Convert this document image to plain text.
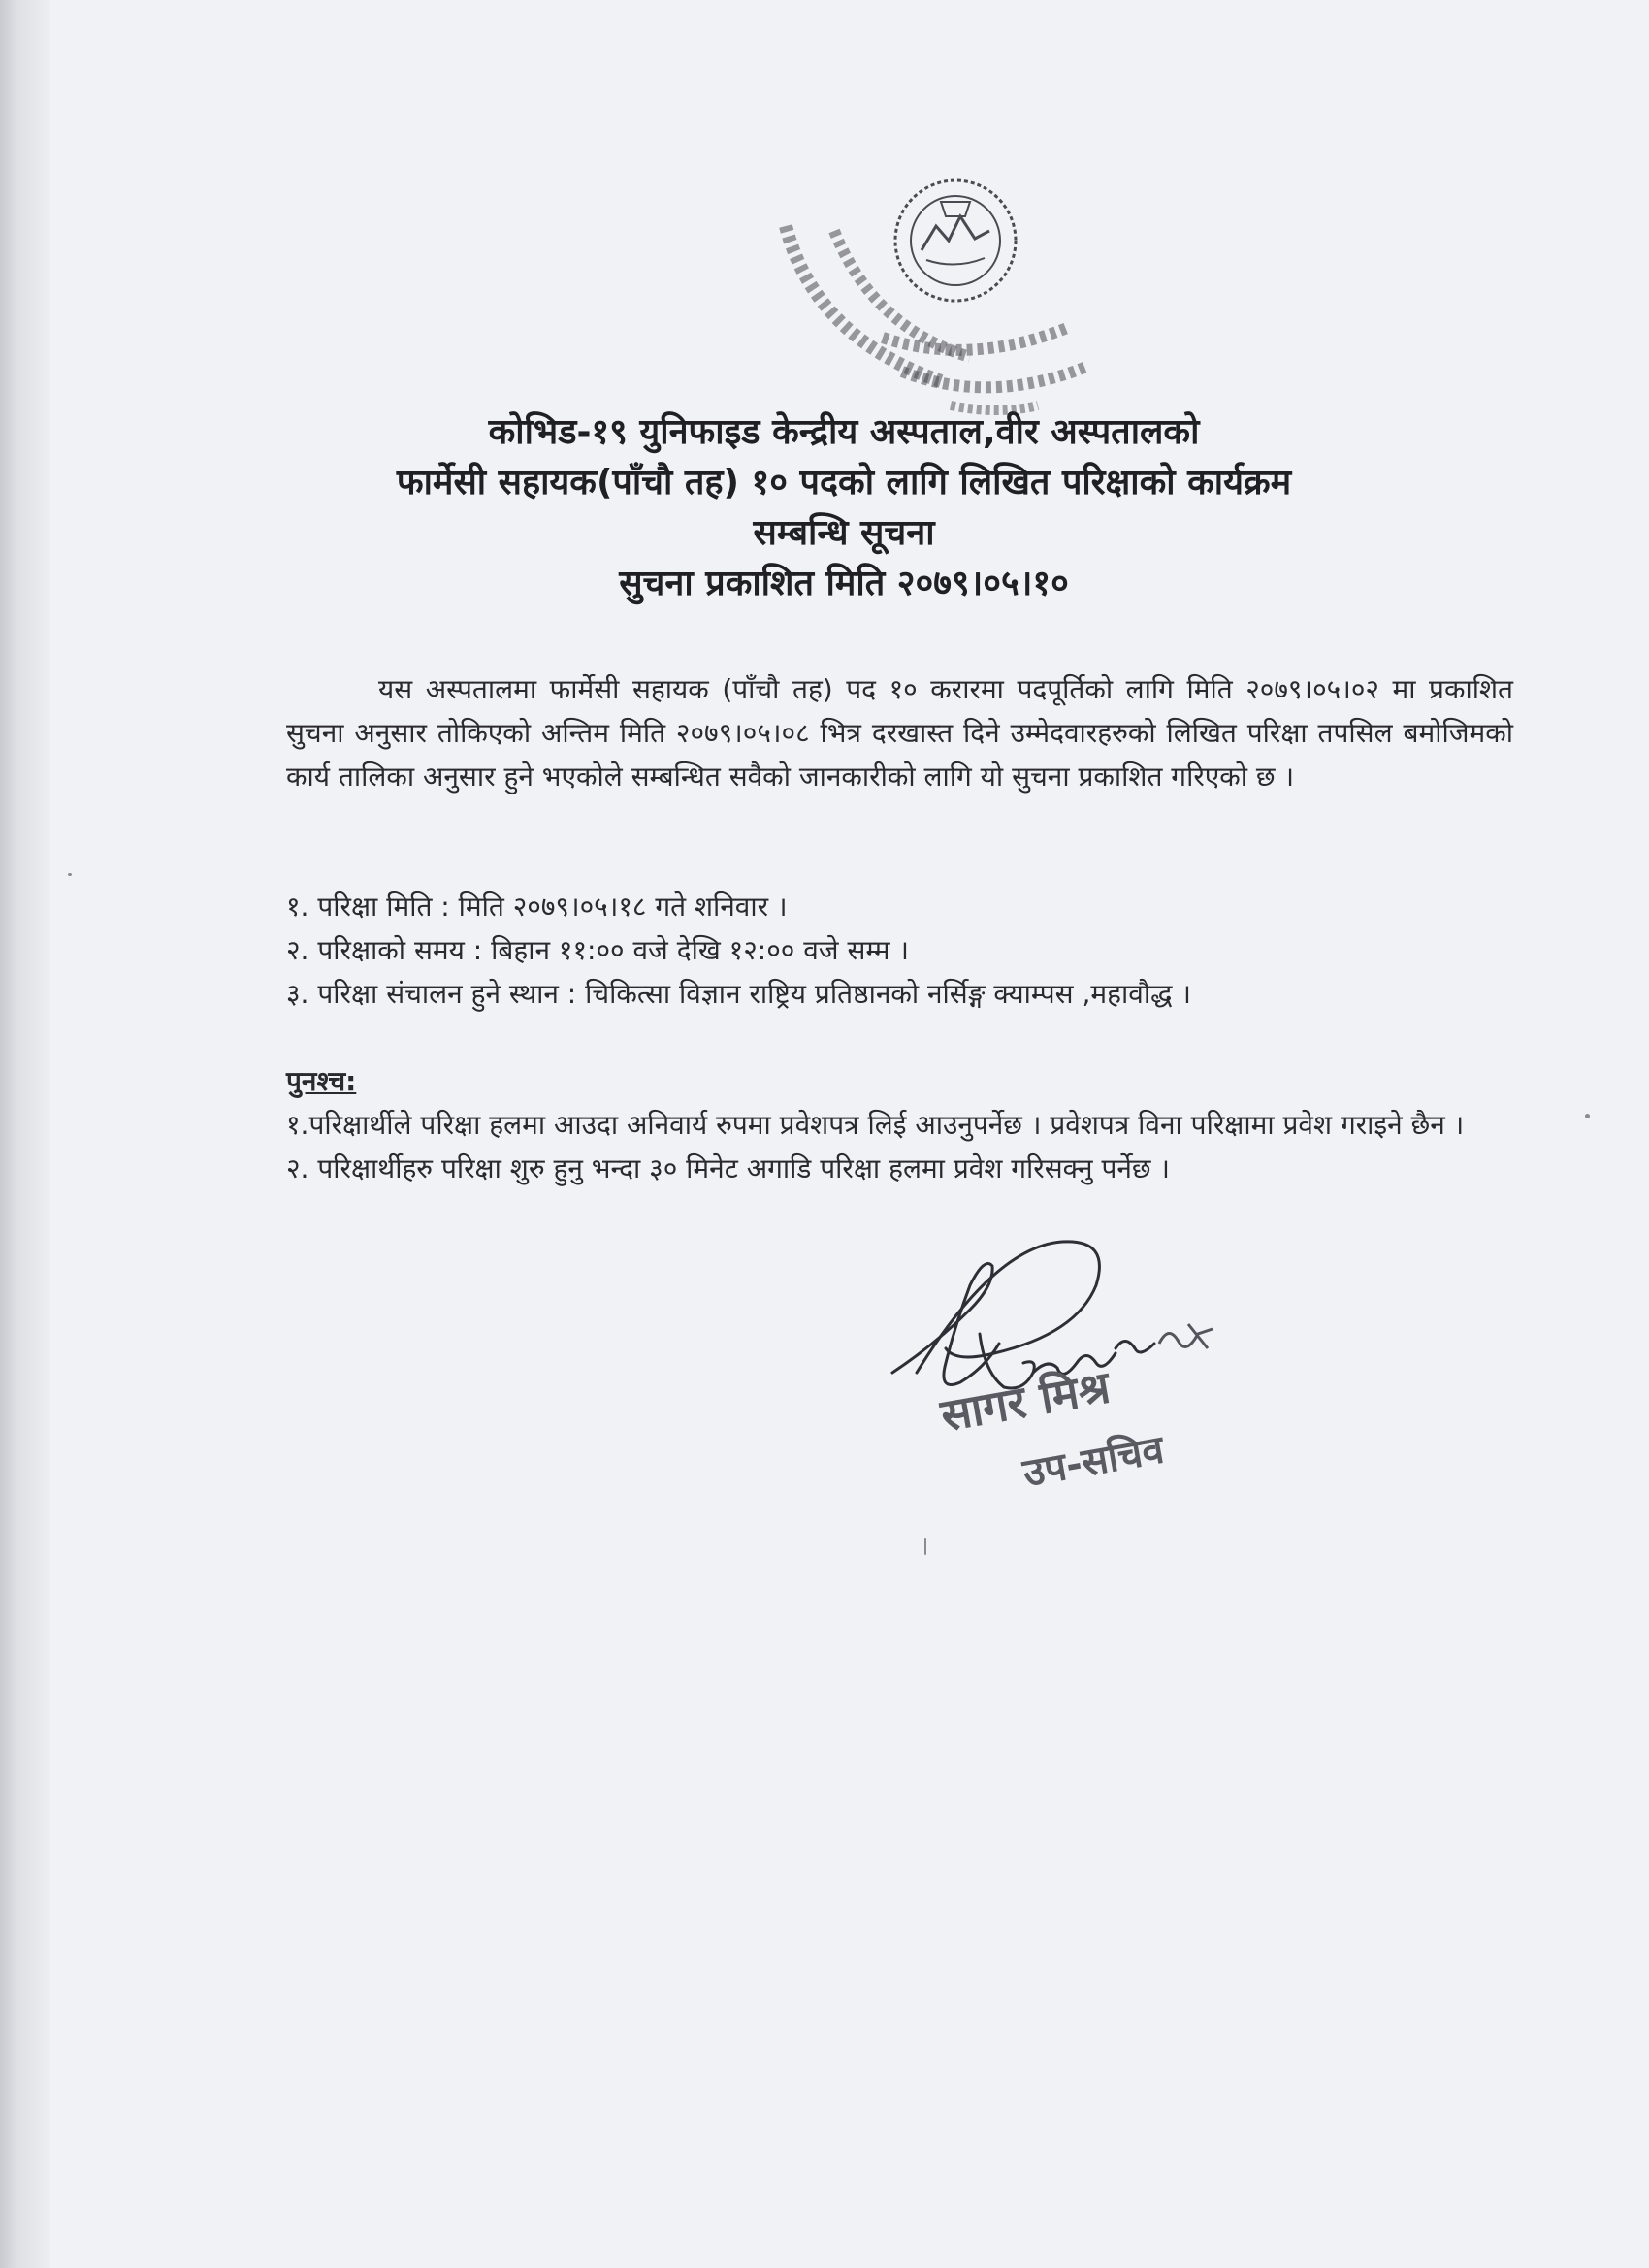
कोभिड-१९ युनिफाइड केन्द्रीय अस्पताल,वीर अस्पतालको
फार्मेसी सहायक(पाँचौ तह) १० पदको लागि लिखित परिक्षाको कार्यक्रम
सम्बन्धि सूचना
सुचना प्रकाशित मिति २०७९।०५।१०
यस अस्पतालमा फार्मेसी सहायक (पाँचौ तह) पद १० करारमा पदपूर्तिको लागि मिति २०७९।०५।०२ मा प्रकाशित सुचना अनुसार तोकिएको अन्तिम मिति २०७९।०५।०८ भित्र दरखास्त दिने उम्मेदवारहरुको लिखित परिक्षा तपसिल बमोजिमको कार्य तालिका अनुसार हुने भएकोले सम्बन्धित सवैको जानकारीको लागि यो सुचना प्रकाशित गरिएको छ ।
१. परिक्षा मिति : मिति २०७९।०५।१८ गते शनिवार ।
२. परिक्षाको समय : बिहान ११:०० वजे देखि १२:०० वजे सम्म ।
३. परिक्षा संचालन हुने स्थान : चिकित्सा विज्ञान राष्ट्रिय प्रतिष्ठानको नर्सिङ्ग क्याम्पस ,महावौद्ध ।
पुनश्च:
१.परिक्षार्थीले परिक्षा हलमा आउदा अनिवार्य रुपमा प्रवेशपत्र लिई आउनुपर्नेछ । प्रवेशपत्र विना परिक्षामा प्रवेश गराइने छैन ।
२. परिक्षार्थीहरु परिक्षा शुरु हुनु भन्दा ३० मिनेट अगाडि परिक्षा हलमा प्रवेश गरिसक्नु पर्नेछ ।
सागर मिश्र
उप-सचिव
